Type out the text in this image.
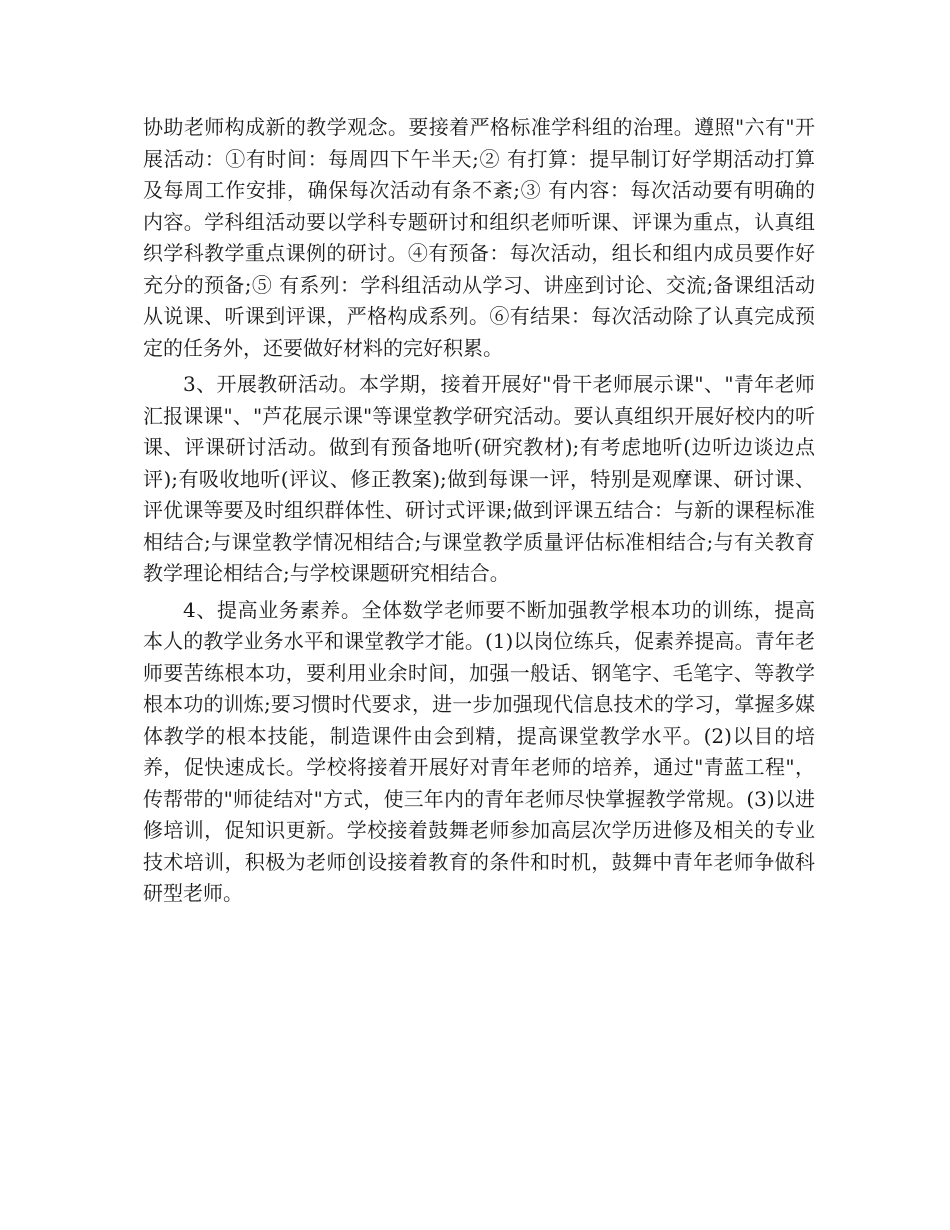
协助老师构成新的教学观念。要接着严格标准学科组的治理。遵照"六有"开展活动：①有时间：每周四下午半天;② 有打算：提早制订好学期活动打算及每周工作安排，确保每次活动有条不紊;③ 有内容：每次活动要有明确的内容。学科组活动要以学科专题研讨和组织老师听课、评课为重点，认真组织学科教学重点课例的研讨。④有预备：每次活动，组长和组内成员要作好充分的预备;⑤ 有系列：学科组活动从学习、讲座到讨论、交流;备课组活动从说课、听课到评课，严格构成系列。⑥有结果：每次活动除了认真完成预定的任务外，还要做好材料的完好积累。

3、开展教研活动。本学期，接着开展好"骨干老师展示课"、"青年老师汇报课课"、"芦花展示课"等课堂教学研究活动。要认真组织开展好校内的听课、评课研讨活动。做到有预备地听(研究教材);有考虑地听(边听边谈边点评);有吸收地听(评议、修正教案);做到每课一评，特别是观摩课、研讨课、评优课等要及时组织群体性、研讨式评课;做到评课五结合：与新的课程标准相结合;与课堂教学情况相结合;与课堂教学质量评估标准相结合;与有关教育教学理论相结合;与学校课题研究相结合。

4、提高业务素养。全体数学老师要不断加强教学根本功的训练，提高本人的教学业务水平和课堂教学才能。(1)以岗位练兵，促素养提高。青年老师要苦练根本功，要利用业余时间，加强一般话、钢笔字、毛笔字、等教学根本功的训炼;要习惯时代要求，进一步加强现代信息技术的学习，掌握多媒体教学的根本技能，制造课件由会到精，提高课堂教学水平。(2)以目的培养，促快速成长。学校将接着开展好对青年老师的培养，通过"青蓝工程"，传帮带的"师徒结对"方式，使三年内的青年老师尽快掌握教学常规。(3)以进修培训，促知识更新。学校接着鼓舞老师参加高层次学历进修及相关的专业技术培训，积极为老师创设接着教育的条件和时机，鼓舞中青年老师争做科研型老师。
